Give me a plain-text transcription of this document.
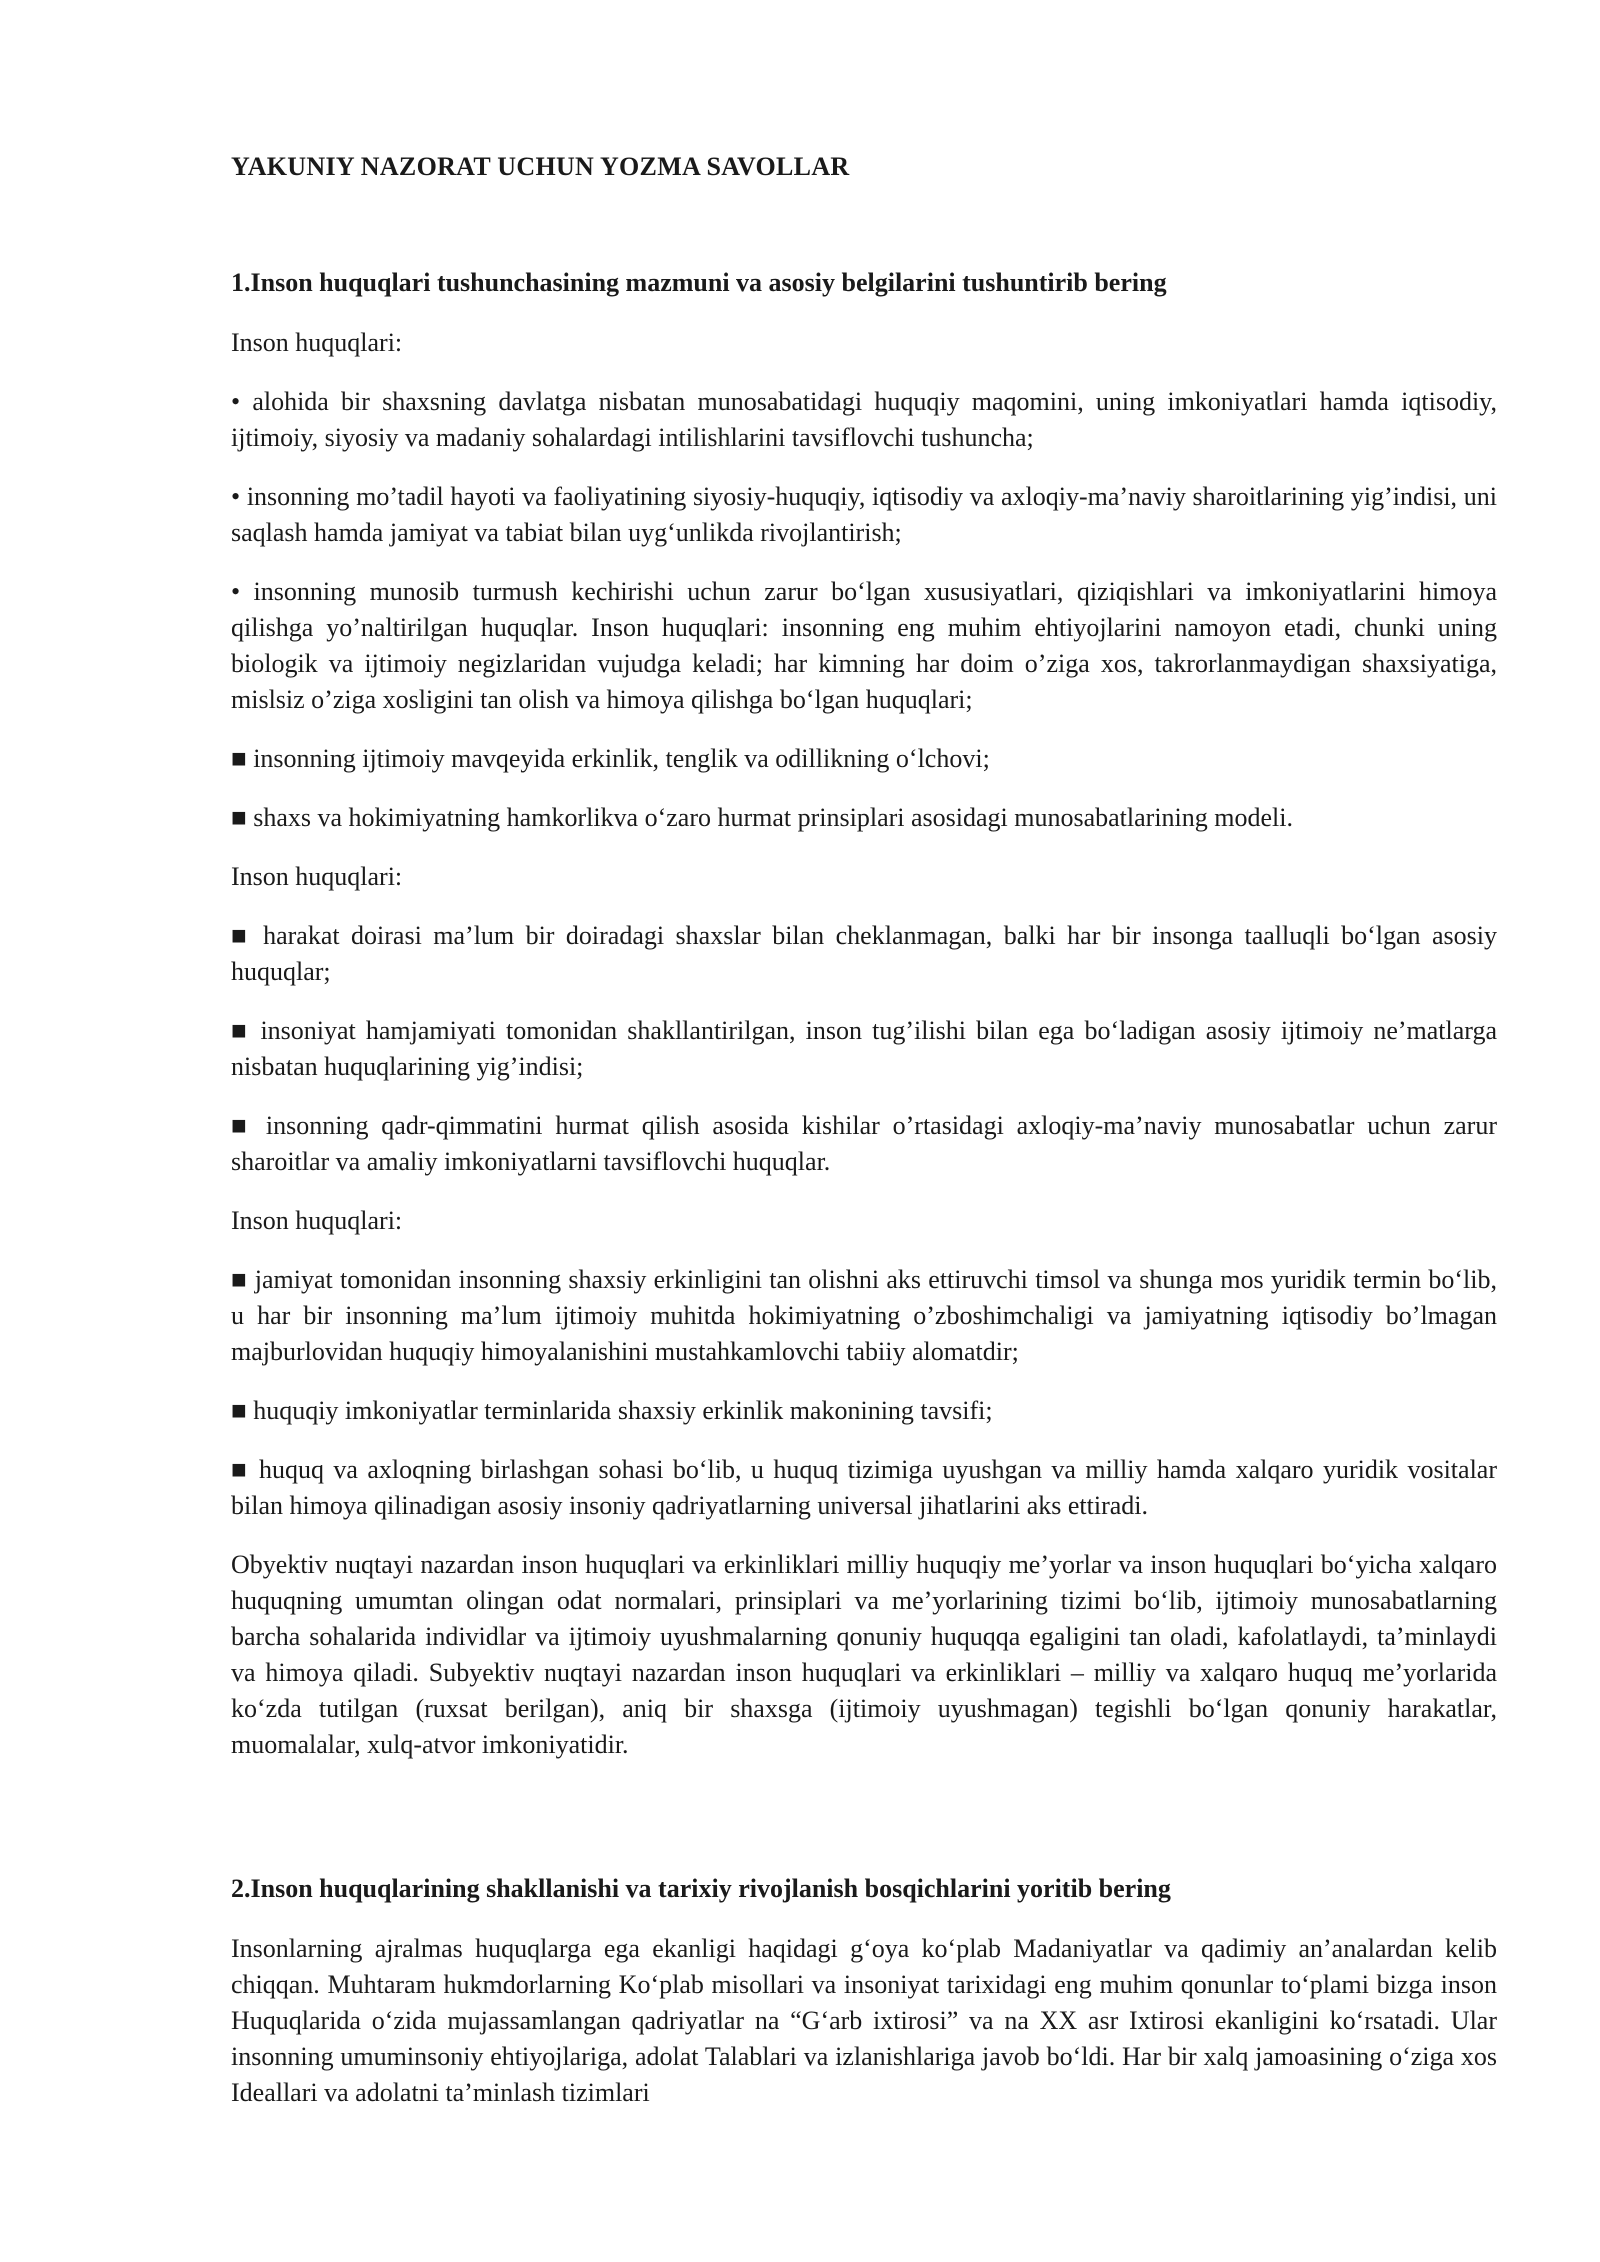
YAKUNIY NAZORAT UCHUN YOZMA SAVOLLAR
1.Inson huquqlari tushunchasining mazmuni va asosiy belgilarini tushuntirib bering

Inson huquqlari:

• alohida bir shaxsning davlatga nisbatan munosabatidagi huquqiy maqomini, uning imkoniyatlari hamda iqtisodiy, ijtimoiy, siyosiy va madaniy sohalardagi intilishlarini tavsiflovchi tushuncha;

• insonning mo’tadil hayoti va faoliyatining siyosiy-huquqiy, iqtisodiy va axloqiy-ma’naviy sharoitlarining yig’indisi, uni saqlash hamda jamiyat va tabiat bilan uyg‘unlikda rivojlantirish;

• insonning munosib turmush kechirishi uchun zarur bo‘lgan xususiyatlari, qiziqishlari va imkoniyatlarini himoya qilishga yo’naltirilgan huquqlar. Inson huquqlari: insonning eng muhim ehtiyojlarini namoyon etadi, chunki uning biologik va ijtimoiy negizlaridan vujudga keladi; har kimning har doim o’ziga xos, takrorlanmaydigan shaxsiyatiga, mislsiz o’ziga xosligini tan olish va himoya qilishga bo‘lgan huquqlari;

■ insonning ijtimoiy mavqeyida erkinlik, tenglik va odillikning o‘lchovi;

■ shaxs va hokimiyatning hamkorlikva o‘zaro hurmat prinsiplari asosidagi munosabatlarining modeli.

Inson huquqlari:

■ harakat doirasi ma’lum bir doiradagi shaxslar bilan cheklanmagan, balki har bir insonga taalluqli bo‘lgan asosiy huquqlar;

■ insoniyat hamjamiyati tomonidan shakllantirilgan, inson tug’ilishi bilan ega bo‘ladigan asosiy ijtimoiy ne’matlarga nisbatan huquqlarining yig’indisi;

■ insonning qadr-qimmatini hurmat qilish asosida kishilar o’rtasidagi axloqiy-ma’naviy munosabatlar uchun zarur sharoitlar va amaliy imkoniyatlarni tavsiflovchi huquqlar.

Inson huquqlari:

■ jamiyat tomonidan insonning shaxsiy erkinligini tan olishni aks ettiruvchi timsol va shunga mos yuridik termin bo‘lib, u har bir insonning ma’lum ijtimoiy muhitda hokimiyatning o’zboshimchaligi va jamiyatning iqtisodiy bo’lmagan majburlovidan huquqiy himoyalanishini mustahkamlovchi tabiiy alomatdir;

■ huquqiy imkoniyatlar terminlarida shaxsiy erkinlik makonining tavsifi;

■ huquq va axloqning birlashgan sohasi bo‘lib, u huquq tizimiga uyushgan va milliy hamda xalqaro yuridik vositalar bilan himoya qilinadigan asosiy insoniy qadriyatlarning universal jihatlarini aks ettiradi.

Obyektiv nuqtayi nazardan inson huquqlari va erkinliklari milliy huquqiy me’yorlar va inson huquqlari bo‘yicha xalqaro huquqning umumtan olingan odat normalari, prinsiplari va me’yorlarining tizimi bo‘lib, ijtimoiy munosabatlarning barcha sohalarida individlar va ijtimoiy uyushmalarning qonuniy huquqqa egaligini tan oladi, kafolatlaydi, ta’minlaydi va himoya qiladi. Subyektiv nuqtayi nazardan inson huquqlari va erkinliklari – milliy va xalqaro huquq me’yorlarida ko‘zda tutilgan (ruxsat berilgan), aniq bir shaxsga (ijtimoiy uyushmagan) tegishli bo‘lgan qonuniy harakatlar, muomalalar, xulq-atvor imkoniyatidir.

2.Inson huquqlarining shakllanishi va tarixiy rivojlanish bosqichlarini yoritib bering

Insonlarning ajralmas huquqlarga ega ekanligi haqidagi g‘oya ko‘plab Madaniyatlar va qadimiy an’analardan kelib chiqqan. Muhtaram hukmdorlarning Ko‘plab misollari va insoniyat tarixidagi eng muhim qonunlar to‘plami bizga inson Huquqlarida o‘zida mujassamlangan qadriyatlar na “G‘arb ixtirosi” va na XX asr Ixtirosi ekanligini ko‘rsatadi. Ular insonning umuminsoniy ehtiyojlariga, adolat Talablari va izlanishlariga javob bo‘ldi. Har bir xalq jamoasining o‘ziga xos Ideallari va adolatni ta’minlash tizimlari
